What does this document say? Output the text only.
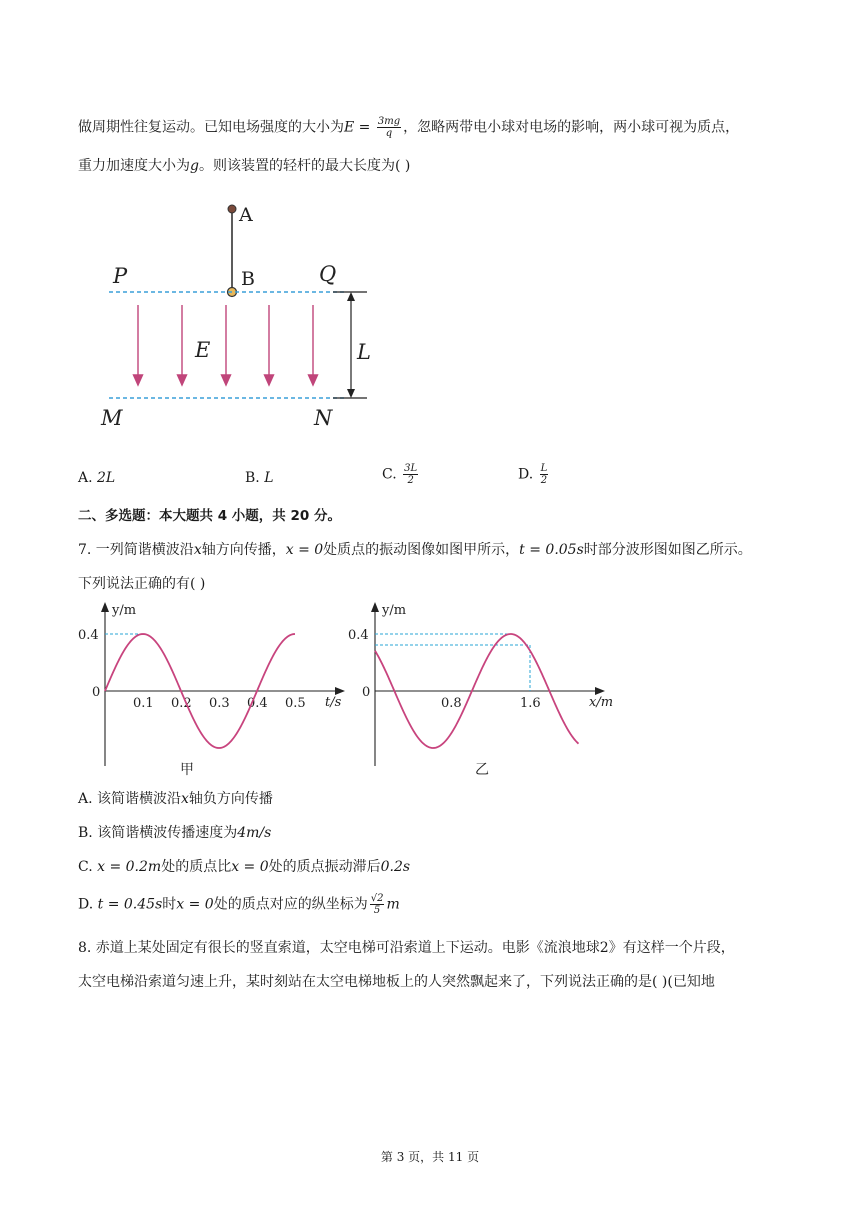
做周期性往复运动。已知电场强度的大小为$E = \frac{3mg}{q}$ ，忽略两带电小球对电场的影响，两小球可视为质点，
重力加速度大小为g。则该装置的轻杆的最大长度为( )
A
B
P	Q
M	N
E	L
A. 2L	B. L	C. $\frac{3L}{2}$	D. $\frac{L}{2}$
二、多选题：本大题共 4 小题，共 20 分。
7. 一列简谐横波沿x轴方向传播，x = 0处质点的振动图像如图甲所示，t = 0.05s时部分波形图如图乙所示。
下列说法正确的有( )
y/m
t/s
0.4
0
0.1 0.2 0.3 0.4 0.5
甲
y/m
x/m
0.4
0
0.8	1.6
乙
A. 该简谐横波沿x轴负方向传播
B. 该简谐横波传播速度为4m/s
C. x = 0.2m处的质点比x = 0处的质点振动滞后0.2s
D. t = 0.45s时x = 0处的质点对应的纵坐标为 $\frac{√2}{5}$ m
8. 赤道上某处固定有很长的竖直索道，太空电梯可沿索道上下运动。电影《流浪地球2》有这样一个片段，
太空电梯沿索道匀速上升，某时刻站在太空电梯地板上的人突然飘起来了，下列说法正确的是( )(已知地
第 3 页，共 11 页
